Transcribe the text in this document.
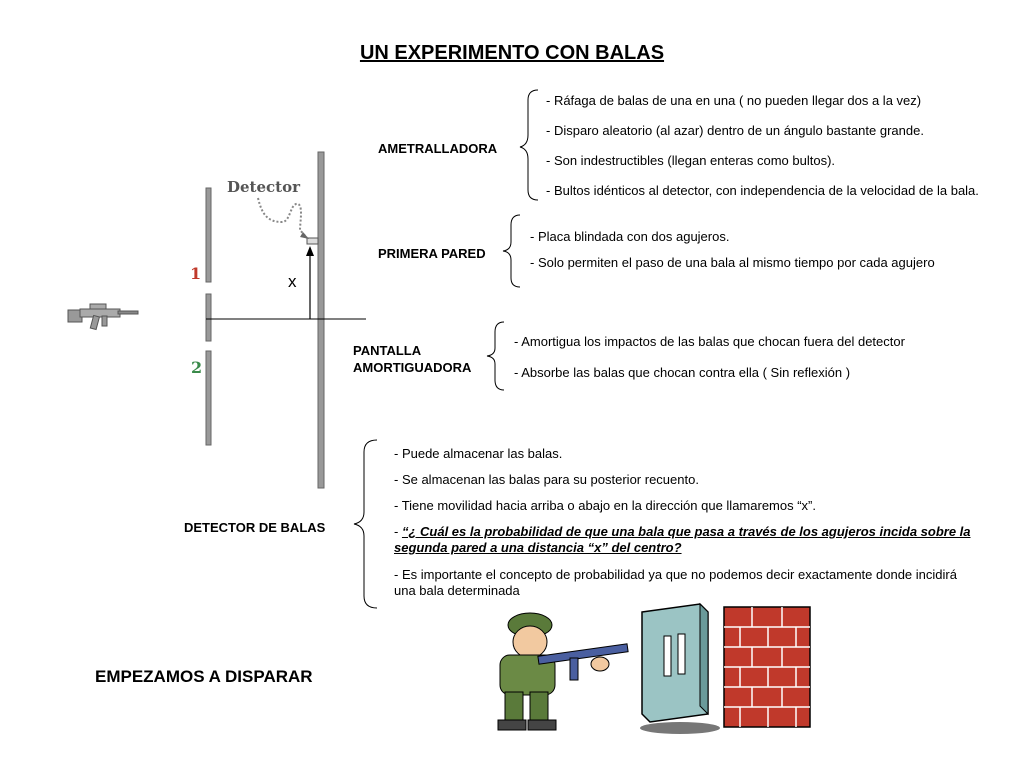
UN EXPERIMENTO CON BALAS
Detector
1
2
x
AMETRALLADORA
- Ráfaga de balas de una en una ( no pueden llegar dos a la vez)
- Disparo aleatorio (al azar) dentro de un ángulo bastante grande.
- Son indestructibles (llegan enteras como bultos).
- Bultos idénticos al detector, con independencia de la velocidad de la bala.
PRIMERA PARED
- Placa blindada con dos agujeros.
- Solo permiten el paso de una bala al mismo tiempo por cada agujero
PANTALLA
AMORTIGUADORA
- Amortigua los impactos de las balas que chocan fuera del detector
- Absorbe las balas que chocan contra ella ( Sin reflexión )
DETECTOR DE BALAS
- Puede almacenar las balas.
- Se almacenan las balas para su posterior recuento.
- Tiene movilidad hacia arriba o abajo en la dirección que llamaremos “x”.
- “¿ Cuál es la probabilidad de que una bala que pasa a través de los agujeros incida sobre la segunda pared a una distancia “x” del centro?
- Es importante el concepto de probabilidad ya que no podemos decir exactamente donde incidirá una bala determinada
EMPEZAMOS A DISPARAR
